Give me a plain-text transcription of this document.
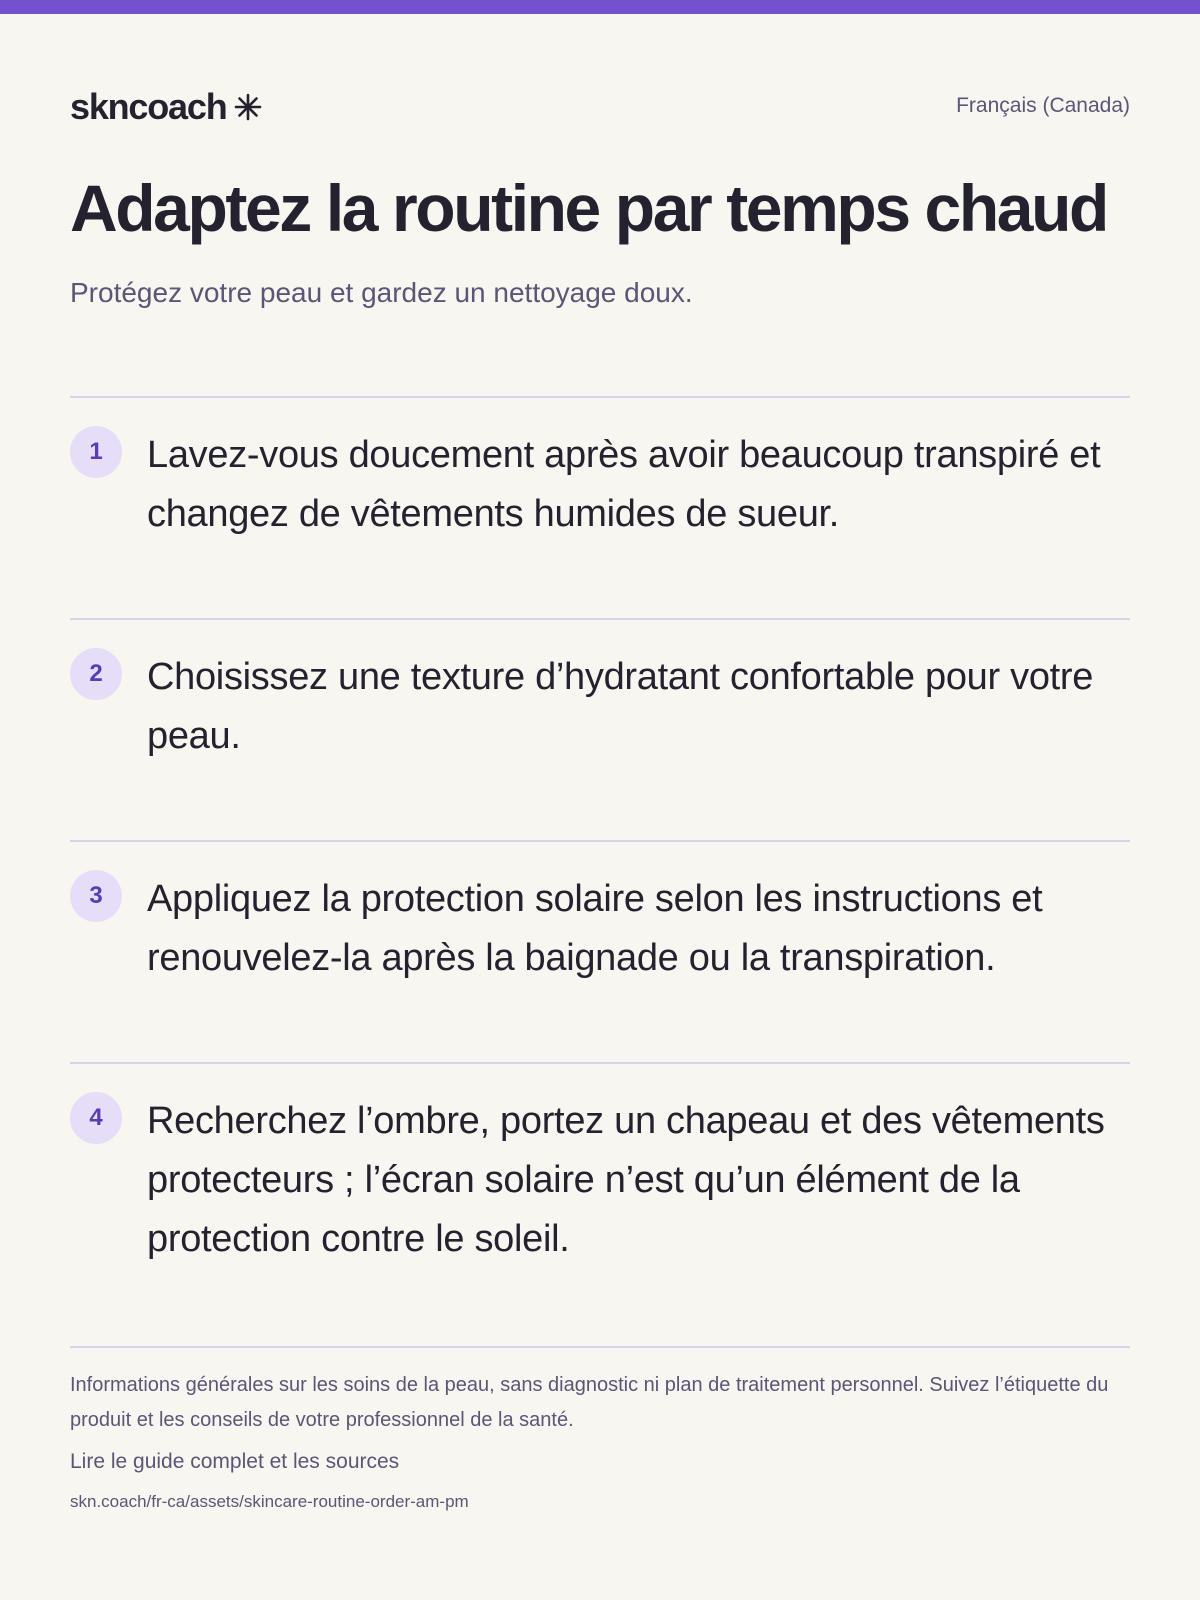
skncoach	Français (Canada)
Adaptez la routine par temps chaud
Protégez votre peau et gardez un nettoyage doux.
1	Lavez-vous doucement après avoir beaucoup transpiré et changez de vêtements humides de sueur.
2	Choisissez une texture d’hydratant confortable pour votre peau.
3	Appliquez la protection solaire selon les instructions et renouvelez-la après la baignade ou la transpiration.
4	Recherchez l’ombre, portez un chapeau et des vêtements protecteurs ; l’écran solaire n’est qu’un élément de la protection contre le soleil.
Informations générales sur les soins de la peau, sans diagnostic ni plan de traitement personnel. Suivez l’étiquette du produit et les conseils de votre professionnel de la santé.
Lire le guide complet et les sources
skn.coach/fr-ca/assets/skincare-routine-order-am-pm
